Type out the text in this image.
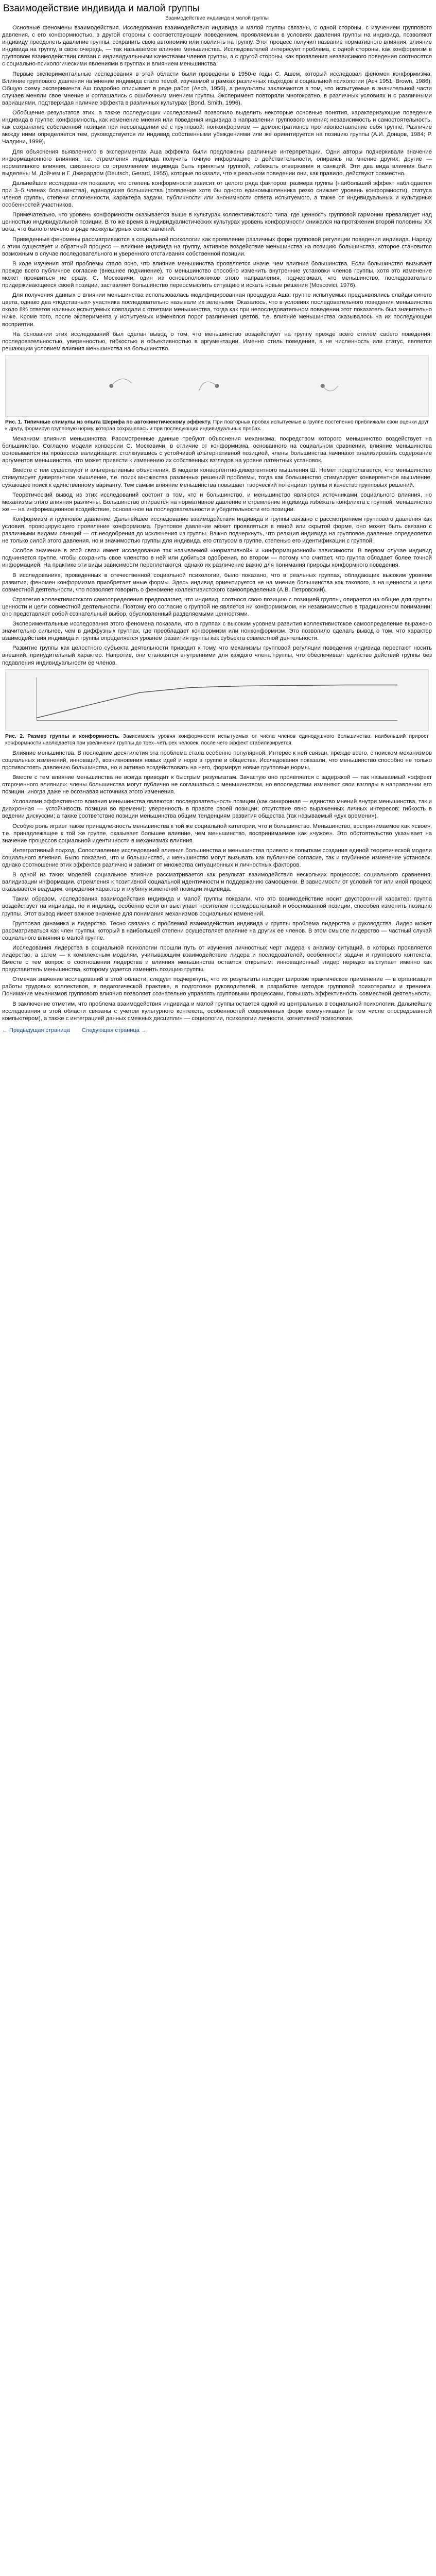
Взаимодействие индивида и малой группы
Взаимодействие индивида и малой группы

Основные феномены взаимодействия. Исследования взаимодействия индивида и малой группы связаны, с одной стороны, с изучением группового давления, с его конформностью, в другой стороны с соответствующим поведением, проявляемым в условиях давления группы на индивида, позволяют индивиду преодолеть давление группы, сохранить свою автономию или повлиять на группу. Этот процесс получил название нормативного влияния; влияние индивида на группу, в свою очередь, — так называемое влияние меньшинства. Исследователей интересует проблема, с одной стороны, как конформизм в групповом взаимодействии связан с индивидуальными качествами членов группы, а с другой стороны, как проявления независимого поведения соотносятся с социально-психологическими явлениями в группах и влиянием меньшинства.

Первые экспериментальные исследования в этой области были проведены в 1950-е годы С. Ашем, который исследовал феномен конформизма. Влияние группового давления на мнение индивида стало темой, изучаемой в рамках различных подходов в социальной психологии (Асч 1951; Brown, 1986). Общую схему эксперимента Аш подробно описывает в ряде работ (Asch, 1956), а результаты заключаются в том, что испытуемые в значительной части случаев меняли свое мнение и соглашались с ошибочным мнением группы. Эксперимент повторяли многократно, в различных условиях и с различными вариациями, подтверждая наличие эффекта в различных культурах (Bond, Smith, 1996).

Обобщение результатов этих, а также последующих исследований позволило выделить некоторые основные понятия, характеризующие поведение индивида в группе: конформность, как изменение мнения или поведения индивида в направлении группового мнения; независимость и самостоятельность, как сохранение собственной позиции при несовпадении ее с групповой; нонконформизм — демонстративное противопоставление себя группе. Различие между ними определяется тем, руководствуется ли индивид собственными убеждениями или же ориентируется на позицию группы (А.И. Донцов, 1984; Р. Чалдини, 1999).

Для объяснения выявленного в экспериментах Аша эффекта были предложены различные интерпретации. Одни авторы подчеркивали значение информационного влияния, т.е. стремления индивида получить точную информацию о действительности, опираясь на мнение других; другие — нормативного влияния, связанного со стремлением индивида быть принятым группой, избежать отвержения и санкций. Эти два вида влияния были выделены М. Дойчем и Г. Джерардом (Deutsch, Gerard, 1955), которые показали, что в реальном поведении они, как правило, действуют совместно.

Дальнейшие исследования показали, что степень конформности зависит от целого ряда факторов: размера группы (наибольший эффект наблюдается при 3–5 членах большинства), единодушия большинства (появление хотя бы одного единомышленника резко снижает уровень конформности), статуса членов группы, степени сплоченности, характера задачи, публичности или анонимности ответа испытуемого, а также от индивидуальных и культурных особенностей участников.

Примечательно, что уровень конформности оказывается выше в культурах коллективистского типа, где ценность групповой гармонии превалирует над ценностью индивидуальной позиции. В то же время в индивидуалистических культурах уровень конформности снижался на протяжении второй половины XX века, что было отмечено в ряде межкультурных сопоставлений.

Приведенные феномены рассматриваются в социальной психологии как проявление различных форм групповой регуляции поведения индивида. Наряду с этим существует и обратный процесс — влияние индивида на группу, активное воздействие меньшинства на позицию большинства, которое становится возможным в случае последовательного и уверенного отстаивания собственной позиции.

В ходе изучения этой проблемы стало ясно, что влияние меньшинства проявляется иначе, чем влияние большинства. Если большинство вызывает прежде всего публичное согласие (внешнее подчинение), то меньшинство способно изменить внутренние установки членов группы, хотя это изменение может проявиться не сразу. С. Московичи, один из основоположников этого направления, подчеркивал, что меньшинство, последовательно придерживающееся своей позиции, заставляет большинство переосмыслить ситуацию и искать новые решения (Moscovici, 1976).

Для получения данных о влиянии меньшинства использовалась модифицированная процедура Аша: группе испытуемых предъявлялись слайды синего цвета, однако два «подставных» участника последовательно называли их зелеными. Оказалось, что в условиях последовательного поведения меньшинства около 8% ответов наивных испытуемых совпадали с ответами меньшинства, тогда как при непоследовательном поведении этот показатель был значительно ниже. Кроме того, после эксперимента у испытуемых изменялся порог различения цветов, т.е. влияние меньшинства сказывалось на их последующем восприятии.

На основании этих исследований был сделан вывод о том, что меньшинство воздействует на группу прежде всего стилем своего поведения: последовательностью, уверенностью, гибкостью и объективностью в аргументации. Именно стиль поведения, а не численность или статус, является решающим условием влияния меньшинства на большинство.

Рис. 1. Типичные стимулы из опыта Шерифа по автокинетическому эффекту. При повторных пробах испытуемые в группе постепенно приближали свои оценки друг к другу, формируя групповую норму, которая сохранялась и при последующих индивидуальных пробах.

Механизм влияния меньшинства. Рассмотренные данные требуют объяснения механизма, посредством которого меньшинство воздействует на большинство. Согласно модели конверсии С. Московичи, в отличие от конформизма, основанного на социальном сравнении, влияние меньшинства основывается на процессах валидизации: столкнувшись с устойчивой альтернативной позицией, члены большинства начинают анализировать содержание аргументов меньшинства, что может привести к изменению их собственных взглядов на уровне латентных установок.

Вместе с тем существуют и альтернативные объяснения. В модели конвергентно-дивергентного мышления Ш. Немет предполагается, что меньшинство стимулирует дивергентное мышление, т.е. поиск множества различных решений проблемы, тогда как большинство стимулирует конвергентное мышление, сужающее поиск к единственному варианту. Тем самым влияние меньшинства повышает творческий потенциал группы и качество групповых решений.

Теоретический вывод из этих исследований состоит в том, что и большинство, и меньшинство являются источниками социального влияния, но механизмы этого влияния различны. Большинство опирается на нормативное давление и стремление индивида избежать конфликта с группой, меньшинство же — на информационное воздействие, основанное на последовательности и убедительности его позиции.

Конформизм и групповое давление. Дальнейшее исследование взаимодействия индивида и группы связано с рассмотрением группового давления как условия, провоцирующего проявление конформизма. Групповое давление может проявляться в явной или скрытой форме, оно может быть связано с различными видами санкций — от неодобрения до исключения из группы. Важно подчеркнуть, что реакция индивида на групповое давление определяется не только силой этого давления, но и значимостью группы для индивида, его статусом в группе, степенью его идентификации с группой.

Особое значение в этой связи имеет исследование так называемой «нормативной» и «информационной» зависимости. В первом случае индивид подчиняется группе, чтобы сохранить свое членство в ней или добиться одобрения, во втором — потому что считает, что группа обладает более точной информацией. На практике эти виды зависимости переплетаются, однако их различение важно для понимания природы конформного поведения.

В исследованиях, проведенных в отечественной социальной психологии, было показано, что в реальных группах, обладающих высоким уровнем развития, феномен конформизма приобретает иные формы. Здесь индивид ориентируется не на мнение большинства как такового, а на ценности и цели совместной деятельности, что позволяет говорить о феномене коллективистского самоопределения (А.В. Петровский).

Стратегия коллективистского самоопределения предполагает, что индивид, соотнося свою позицию с позицией группы, опирается на общие для группы ценности и цели совместной деятельности. Поэтому его согласие с группой не является ни конформизмом, ни независимостью в традиционном понимании: оно представляет собой сознательный выбор, обусловленный разделяемыми ценностями.

Экспериментальные исследования этого феномена показали, что в группах с высоким уровнем развития коллективистское самоопределение выражено значительно сильнее, чем в диффузных группах, где преобладает конформизм или нонконформизм. Это позволило сделать вывод о том, что характер взаимодействия индивида и группы определяется уровнем развития группы как субъекта совместной деятельности.

Развитие группы как целостного субъекта деятельности приводит к тому, что механизмы групповой регуляции поведения индивида перестают носить внешний, принудительный характер. Напротив, они становятся внутренними для каждого члена группы, что обеспечивает единство действий группы без подавления индивидуальности ее членов.

Рис. 2. Размер группы и конформность. Зависимость уровня конформности испытуемых от числа членов единодушного большинства: наибольший прирост конформности наблюдается при увеличении группы до трех–четырех человек, после чего эффект стабилизируется.

Влияние меньшинства. В последние десятилетия эта проблема стала особенно популярной. Интерес к ней связан, прежде всего, с поиском механизмов социальных изменений, инноваций, возникновения новых идей и норм в группе и обществе. Исследования показали, что меньшинство способно не только противостоять давлению большинства, но и активно воздействовать на него, формируя новые групповые нормы.

Вместе с тем влияние меньшинства не всегда приводит к быстрым результатам. Зачастую оно проявляется с задержкой — так называемый «эффект отсроченного влияния»: члены большинства могут публично не соглашаться с меньшинством, но впоследствии изменяют свои взгляды в направлении его позиции, иногда даже не осознавая источника этого изменения.

Условиями эффективного влияния меньшинства являются: последовательность позиции (как синхронная — единство мнений внутри меньшинства, так и диахронная — устойчивость позиции во времени); уверенность в правоте своей позиции; отсутствие явно выраженных личных интересов; гибкость в ведении дискуссии; а также соответствие позиции меньшинства общим тенденциям развития общества (так называемый «дух времени»).

Особую роль играет также принадлежность меньшинства к той же социальной категории, что и большинство. Меньшинство, воспринимаемое как «свое», т.е. принадлежащее к той же группе, оказывает большее влияние, чем меньшинство, воспринимаемое как «чужое». Это обстоятельство указывает на значение процессов социальной идентичности в механизмах влияния.

Интегративный подход. Сопоставление исследований влияния большинства и меньшинства привело к попыткам создания единой теоретической модели социального влияния. Было показано, что и большинство, и меньшинство могут вызывать как публичное согласие, так и глубинное изменение установок, однако соотношение этих эффектов различно и зависит от множества ситуационных и личностных факторов.

В одной из таких моделей социальное влияние рассматривается как результат взаимодействия нескольких процессов: социального сравнения, валидизации информации, стремления к позитивной социальной идентичности и поддержанию самооценки. В зависимости от условий тот или иной процесс оказывается ведущим, определяя характер и глубину изменений позиции индивида.

Таким образом, исследования взаимодействия индивида и малой группы показали, что это взаимодействие носит двусторонний характер: группа воздействует на индивида, но и индивид, особенно если он выступает носителем последовательной и обоснованной позиции, способен изменить позицию группы. Этот вывод имеет важное значение для понимания механизмов социальных изменений.

Групповая динамика и лидерство. Тесно связана с проблемой взаимодействия индивида и группы проблема лидерства и руководства. Лидер может рассматриваться как член группы, который в наибольшей степени осуществляет влияние на других ее членов. В этом смысле лидерство — частный случай социального влияния в малой группе.

Исследования лидерства в социальной психологии прошли путь от изучения личностных черт лидера к анализу ситуаций, в которых проявляется лидерство, а затем — к комплексным моделям, учитывающим взаимодействие лидера и последователей, особенности задачи и группового контекста. Вместе с тем вопрос о соотношении лидерства и влияния меньшинства остается открытым: инновационный лидер нередко выступает именно как представитель меньшинства, которому удается изменить позицию группы.

Отмечая значение исследований в этой области, следует подчеркнуть, что их результаты находят широкое практическое применение — в организации работы трудовых коллективов, в педагогической практике, в подготовке руководителей, в разработке методов групповой психотерапии и тренинга. Понимание механизмов группового влияния позволяет сознательно управлять групповыми процессами, повышать эффективность совместной деятельности.

В заключение отметим, что проблема взаимодействия индивида и малой группы остается одной из центральных в социальной психологии. Дальнейшие исследования в этой области связаны с учетом культурного контекста, особенностей современных форм коммуникации (в том числе опосредованной компьютером), а также с интеграцией данных смежных дисциплин — социологии, психологии личности, когнитивной психологии.

← Предыдущая страница Следующая страница →
